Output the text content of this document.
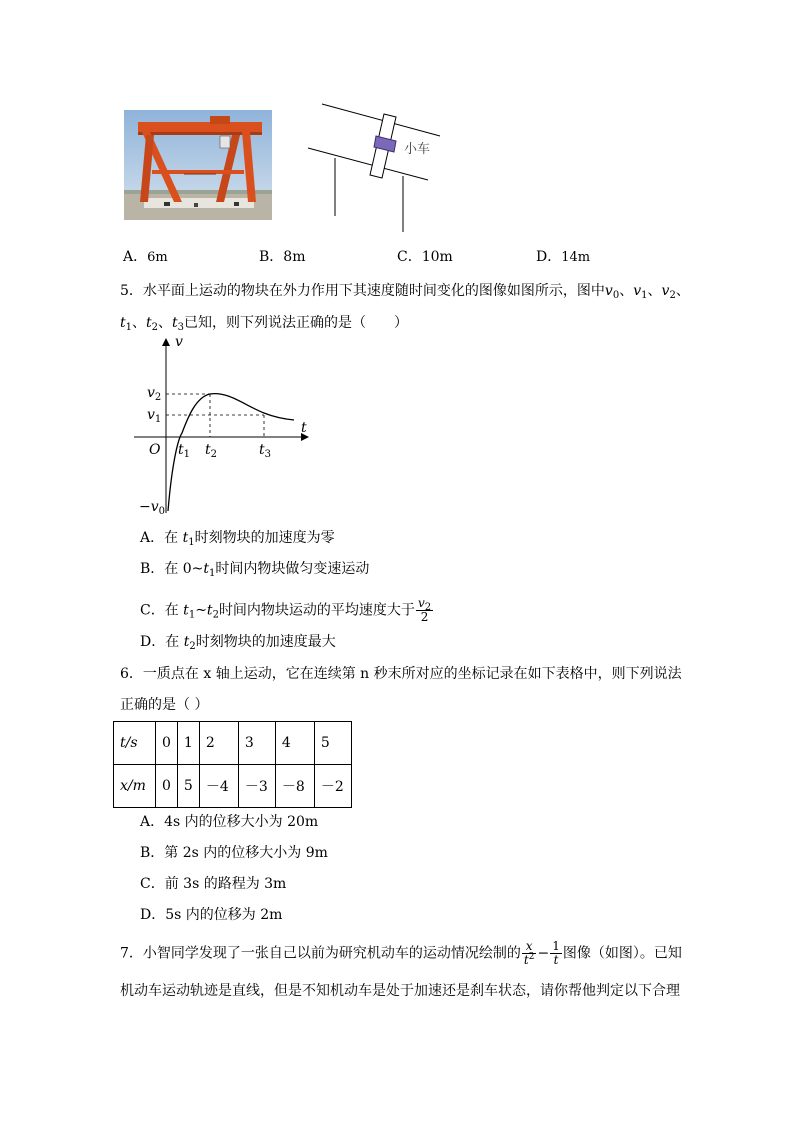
小车
A．6m	B．8m	C．10m	D．14m
5．水平面上运动的物块在外力作用下其速度随时间变化的图像如图所示，图中$v_0$、$v_1$、$v_2$、
$t_1$、$t_2$、$t_3$已知，则下列说法正确的是（　　）
v
t
O
$v_2$
$v_1$
$-v_0$
$t_1$ $t_2$	$t_3$
A．在 $t_1$时刻物块的加速度为零
B．在 $0\sim t_1$时间内物块做匀变速运动
C．在 $t_1\sim t_2$时间内物块运动的平均速度大于 $\frac{v_2}{2}$
D．在 $t_2$时刻物块的加速度最大
6．一质点在 x 轴上运动，它在连续第 n 秒末所对应的坐标记录在如下表格中，则下列说法
正确的是（ ）
t/s	0	1	2	3	4	5
x/m	0	5	－4	－3	－8	－2
A．4s 内的位移大小为 20m
B．第 2s 内的位移大小为 9m
C．前 3s 的路程为 3m
D．5s 内的位移为 2m
7．小智同学发现了一张自己以前为研究机动车的运动情况绘制的 $\frac{x}{t^2} - \frac{1}{t}$ 图像（如图）。已知
机动车运动轨迹是直线，但是不知机动车是处于加速还是刹车状态，请你帮他判定以下合理
